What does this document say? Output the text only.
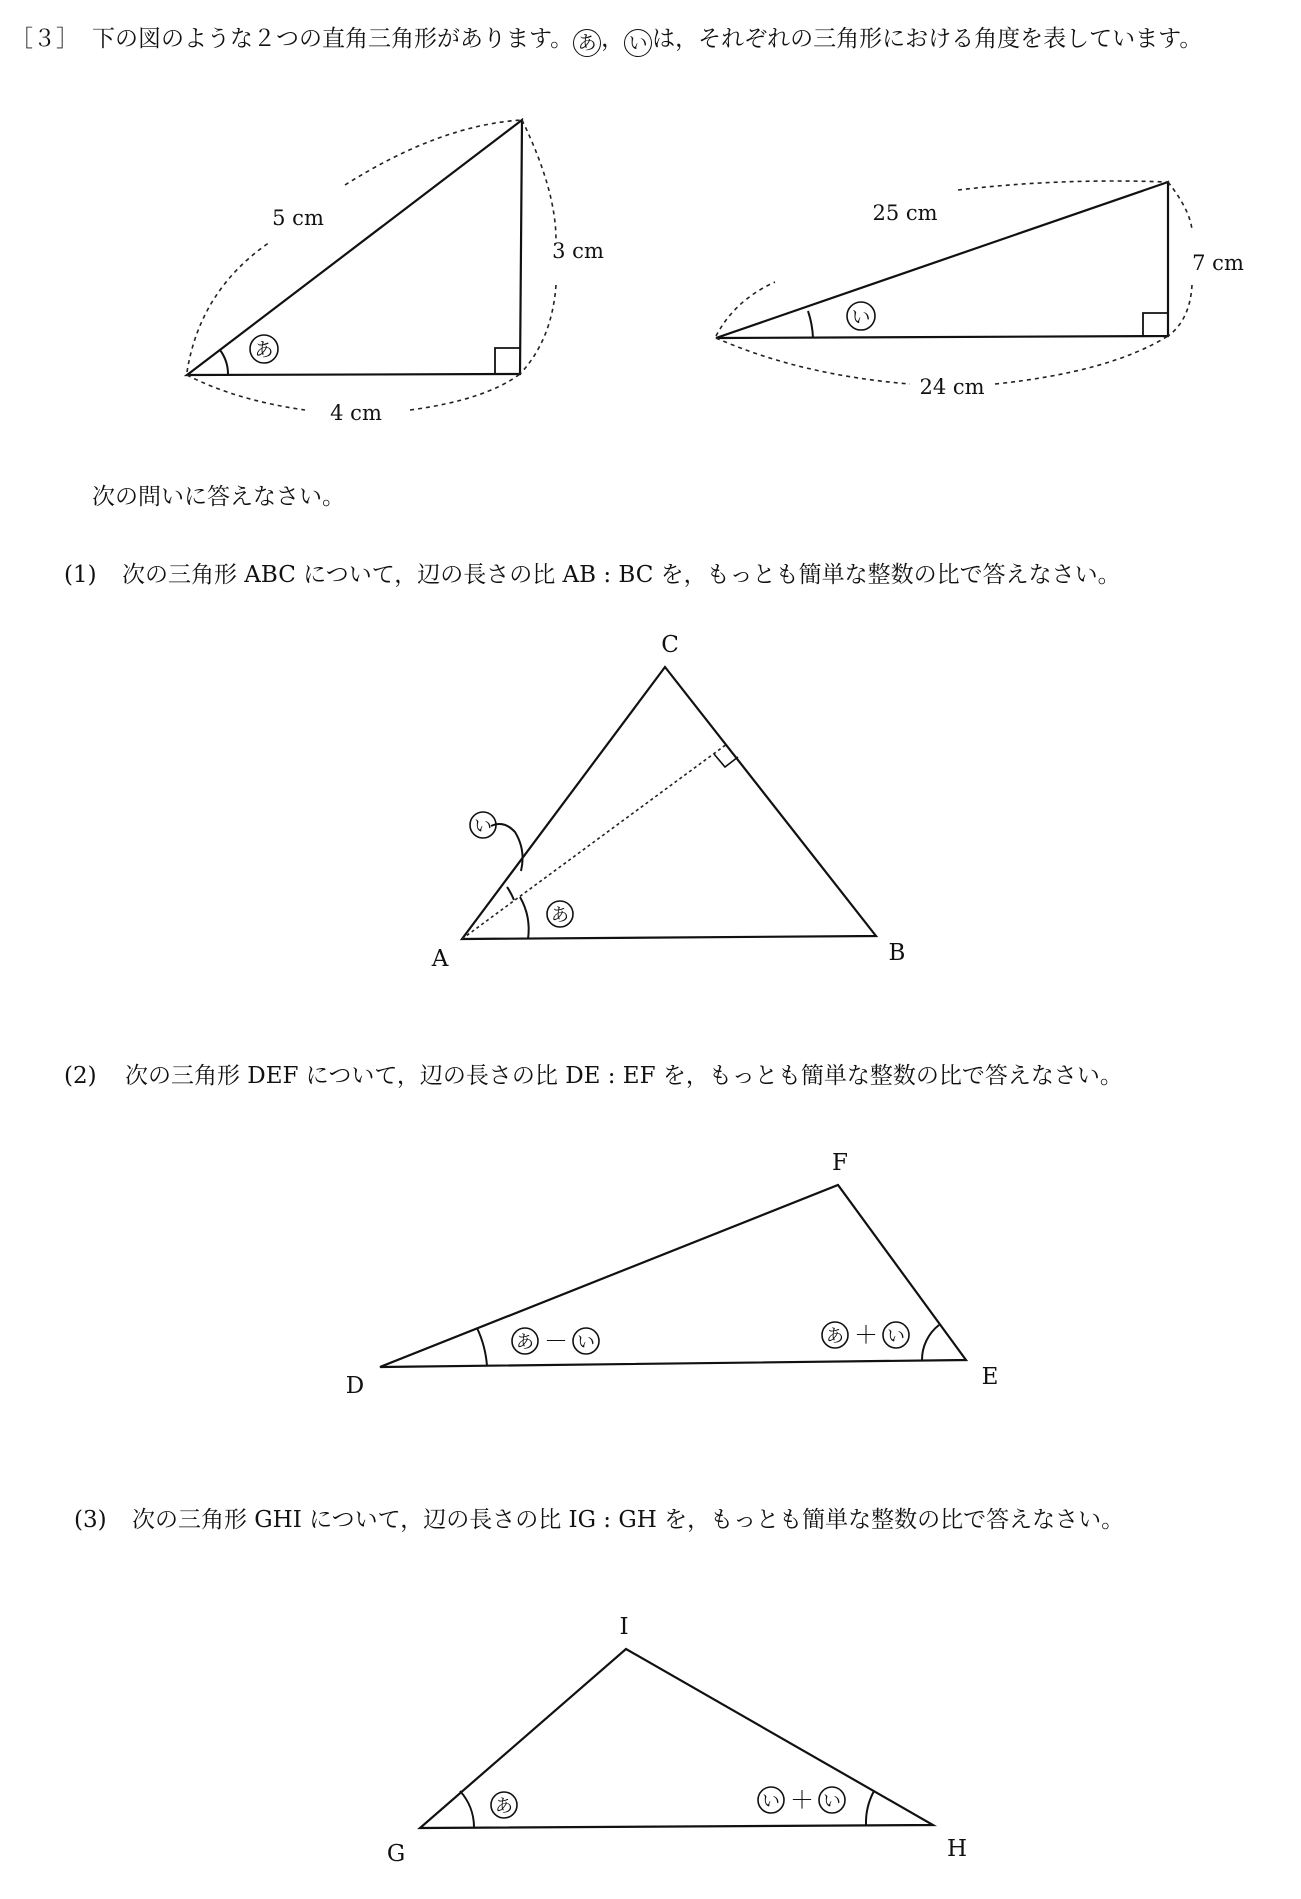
［３］ 下の図のような２つの直角三角形があります。 あ ， い は，それぞれの三角形における角度を表しています。
次の問いに答えなさい。
(1) 次の三角形 ABC について，辺の長さの比 AB : BC を，もっとも簡単な整数の比で答えなさい。
(2) 次の三角形 DEF について，辺の長さの比 DE : EF を，もっとも簡単な整数の比で答えなさい。
(3) 次の三角形 GHI について，辺の長さの比 IG : GH を，もっとも簡単な整数の比で答えなさい。
あ
5 cm
3 cm
4 cm
い
25 cm
7 cm
24 cm
い
あ
A	B
C
あ － い	あ ＋ い
D	E
F
あ	い ＋ い
G	H
I
